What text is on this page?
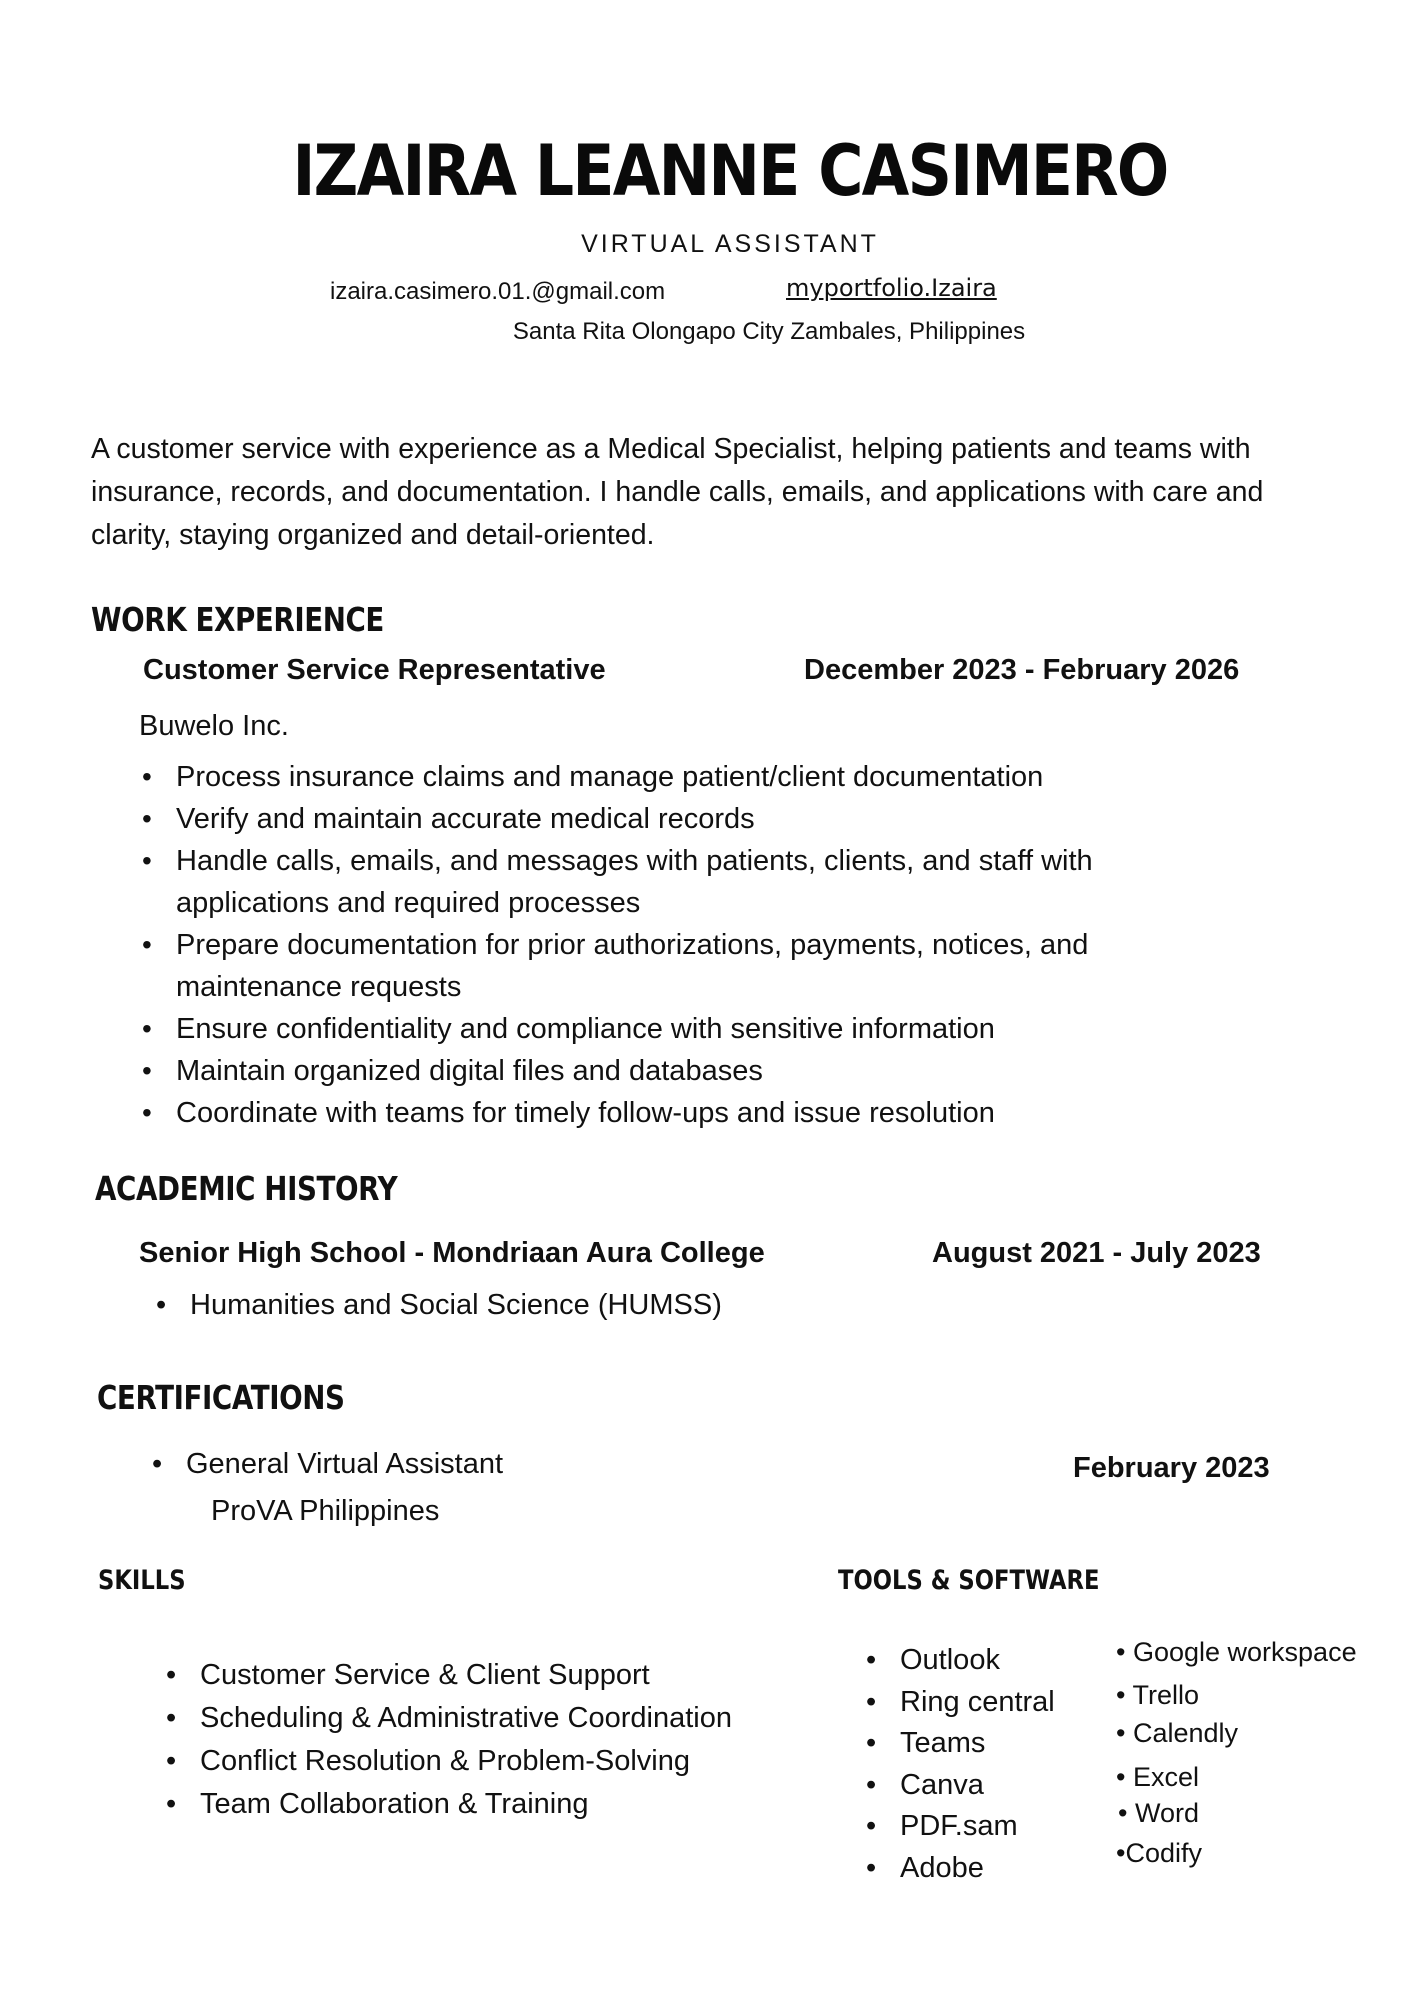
IZAIRA LEANNE CASIMERO
VIRTUAL ASSISTANT
izaira.casimero.01.@gmail.com	myportfolio.Izaira
Santa Rita Olongapo City Zambales, Philippines
A customer service with experience as a Medical Specialist, helping patients and teams with insurance, records, and documentation. I handle calls, emails, and applications with care and clarity, staying organized and detail-oriented.
WORK EXPERIENCE
Customer Service Representative	December 2023 - February 2026
Buwelo Inc.
• Process insurance claims and manage patient/client documentation
• Verify and maintain accurate medical records
• Handle calls, emails, and messages with patients, clients, and staff with applications and required processes
• Prepare documentation for prior authorizations, payments, notices, and maintenance requests
• Ensure confidentiality and compliance with sensitive information
• Maintain organized digital files and databases
• Coordinate with teams for timely follow-ups and issue resolution
ACADEMIC HISTORY
Senior High School - Mondriaan Aura College	August 2021 - July 2023
• Humanities and Social Science (HUMSS)
CERTIFICATIONS
• General Virtual Assistant
ProVA Philippines
February 2023
SKILLS
• Customer Service & Client Support
• Scheduling & Administrative Coordination
• Conflict Resolution & Problem-Solving
• Team Collaboration & Training
TOOLS & SOFTWARE
• Outlook
• Ring central
• Teams
• Canva
• PDF.sam
• Adobe
• Google workspace
• Trello
• Calendly
• Excel
• Word
•Codify
